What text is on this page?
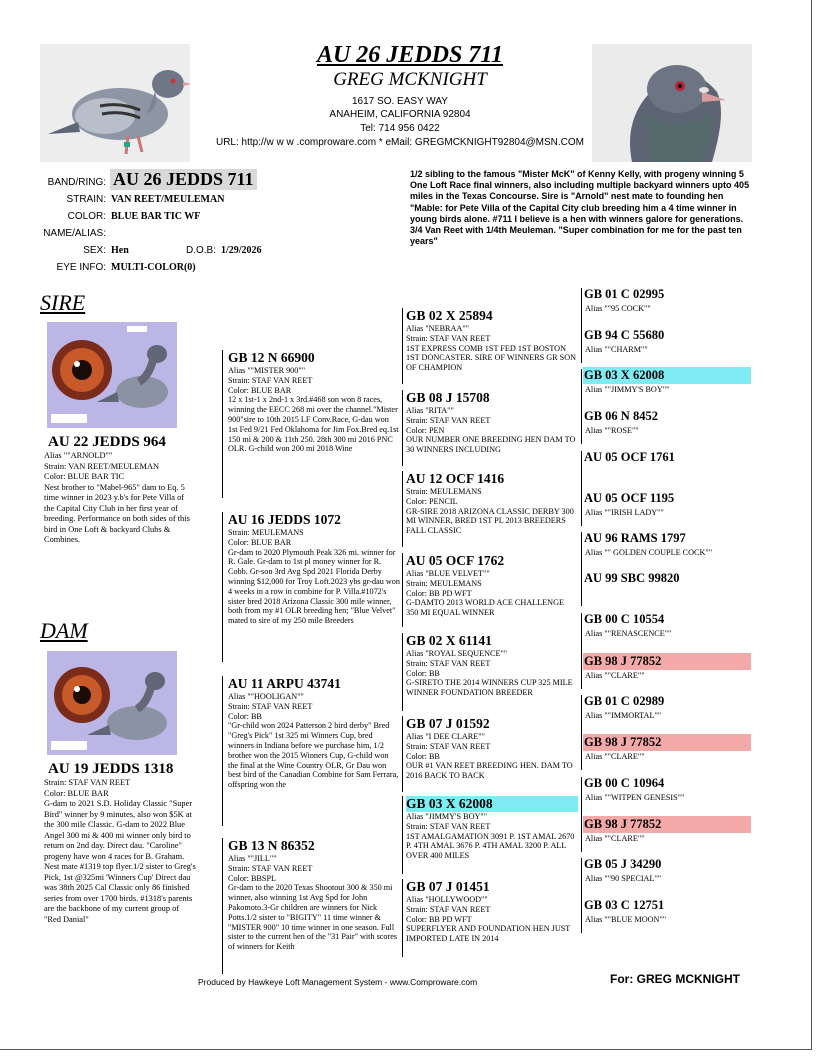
AU 26 JEDDS 711
GREG MCKNIGHT
1617 SO. EASY WAY
ANAHEIM, CALIFORNIA 92804
Tel: 714 956 0422
URL: http://w w w .comproware.com * eMail: GREGMCKNIGHT92804@MSN.COM
BAND/RING: AU 26 JEDDS 711
STRAIN: VAN REET/MEULEMAN
COLOR: BLUE BAR TIC WF
NAME/ALIAS:
SEX: Hen	D.O.B: 1/29/2026
EYE INFO: MULTI-COLOR(0)
1/2 sibling to the famous "Mister McK" of Kenny Kelly, with progeny winning 5 One Loft Race final winners, also including multiple backyard winners upto 405 miles in the Texas Concourse. Sire is "Arnold" nest mate to founding hen "Mable: for Pete Villa of the Capital City club breeding him a 4 time winner in young birds alone. #711 I believe is a hen with winners galore for generations. 3/4 Van Reet with 1/4th Meuleman. "Super combination for me for the past ten years"
SIRE
AU 22 JEDDS 964
Alias ""ARNOLD""
Strain: VAN REET/MEULEMAN
Color: BLUE BAR TIC
Nest brother to "Mabel-965" dam to Eq. 5 time winner in 2023 y.b's for Pete Villa of the Capital City Club in her first year of breeding. Performance on both sides of this bird in One Loft & backyard Clubs & Combines.
DAM
AU 19 JEDDS 1318
Strain: STAF VAN REET
Color: BLUE BAR
G-dam to 2021 S.D. Holiday Classic "Super Bird" winner by 9 minutes, also won $5K at the 300 mile Classic. G-dam to 2022 Blue Angel 300 mi & 400 mi winner only bird to return on 2nd day. Direct dau. "Caroline" progeny have won 4 races for B. Graham. Nest mate #1319 top flyer.1/2 sister to Greg's Pick, 1st @325mi 'Winners Cup' Direct dau was 38th 2025 Cal Classic only 86 finished series from over 1700 birds. #1318's parents are the backbone of my current group of "Red Danial"
GB 12 N 66900
Alias ""MISTER 900""
Strain: STAF VAN REET
Color: BLUE BAR
12 x 1st-1 x 2nd-1 x 3rd.#468 son won 8 races, winning the EECC 268 mi over the channel."Mister 900"sire to 10th 2015 LF Conv.Race, G-dau won 1st Fed 9/21 Fed Oklahoma for Jim Fox.Bred eq.1st 150 mi & 200 & 11th 250. 28th 300 mi 2016 PNC OLR. G-child won 200 mi 2018 Wine
AU 16 JEDDS 1072
Strain: MEULEMANS
Color: BLUE BAR
Gr-dam to 2020 Plymouth Peak 326 mi. winner for R. Gale. Gr-dam to 1st pl money winner for R. Cobb. Gr-son 3rd Avg Spd 2021 Florida Derby winning $12,000 for Troy Loft.2023 ybs gr-dau won 4 weeks in a row in combine for P. Villa.#1072's sister bred 2018 Arizona Classic 300 mile winner, both from my #1 OLR breeding hen; "Blue Velvet" mated to sire of my 250 mile Breeders
AU 11 ARPU 43741
Alias ""HOOLIGAN""
Strain: STAF VAN REET
Color: BB
"Gr-child won 2024 Patterson 2 bird derby" Bred "Greg's Pick" 1st 325 mi Winners Cup, bred winners in Indiana before we purchase him, 1/2 brother won the 2015 Winners Cup, G-child won the final at the Wine Country OLR, Gr Dau won best bird of the Canadian Combine for Sam Ferrara, offspring won the
GB 13 N 86352
Alias ""JILL""
Strain: STAF VAN REET
Color: BBSPL
Gr-dam to the 2020 Texas Shootout 300 & 350 mi winner, also winning 1st Avg Spd for John Pakomoto.3-Gr children are winners for Nick Potts.1/2 sister to "BIGITY" 11 time winner & "MISTER 900" 10 time winner in one season. Full sister to the current hen of the "31 Pair" with scores of winners for Keith
GB 02 X 25894
Alias "NEBRAA""
Strain: STAF VAN REET
1ST EXPRESS COMB 1ST FED 1ST BOSTON 1ST DONCASTER. SIRE OF WINNERS GR SON OF CHAMPION
GB 08 J 15708
Alias "RITA""
Strain: STAF VAN REET
Color: PEN
OUR NUMBER ONE BREEDING HEN DAM TO 30 WINNERS INCLUDING
AU 12 OCF 1416
Strain: MEULEMANS
Color: PENCIL
GR-SIRE 2018 ARIZONA CLASSIC DERBY 300 MI WINNER, BRED 1ST PL 2013 BREEDERS FALL CLASSIC
AU 05 OCF 1762
Alias "BLUE VELVET""
Strain: MEULEMANS
Color: BB PD WFT
G-DAMTO 2013 WORLD ACE CHALLENGE 350 MI EQUAL WINNER
GB 02 X 61141
Alias "ROYAL SEQUENCE""
Strain: STAF VAN REET
Color: BB
G-SIRETO THE 2014 WINNERS CUP 325 MILE WINNER FOUNDATION BREEDER
GB 07 J 01592
Alias "I DEE CLARE""
Strain: STAF VAN REET
Color: BB
OUR #1 VAN REET BREEDING HEN. DAM TO 2016 BACK TO BACK
GB 03 X 62008
Alias "JIMMY'S BOY""
Strain: STAF VAN REET
1ST AMALGAMATION 3091 P. 1ST AMAL 2670 P. 4TH AMAL 3676 P. 4TH AMAL 3200 P. ALL OVER 400 MILES
GB 07 J 01451
Alias "HOLLYWOOD""
Strain: STAF VAN REET
Color: BB PD WFT
SUPERFLYER AND FOUNDATION HEN JUST IMPORTED LATE IN 2014
GB 01 C 02995
Alias ""95 COCK""
GB 94 C 55680
Alias ""CHARM""
GB 03 X 62008
Alias ""JIMMY'S BOY""
GB 06 N 8452
Alias ""ROSE""
AU 05 OCF 1761
AU 05 OCF 1195
Alias ""IRISH LADY""
AU 96 RAMS 1797
Alias "" GOLDEN COUPLE COCK""
AU 99 SBC 99820
GB 00 C 10554
Alias ""RENASCENCE""
GB 98 J 77852
Alias ""CLARE""
GB 01 C 02989
Alias ""IMMORTAL""
GB 98 J 77852
Alias ""CLARE""
GB 00 C 10964
Alias ""WITPEN GENESIS""
GB 98 J 77852
Alias ""CLARE""
GB 05 J 34290
Alias ""90 SPECIAL""
GB 03 C 12751
Alias ""BLUE MOON""
Produced by Hawkeye Loft Management System - www.Comproware.com	For: GREG MCKNIGHT
